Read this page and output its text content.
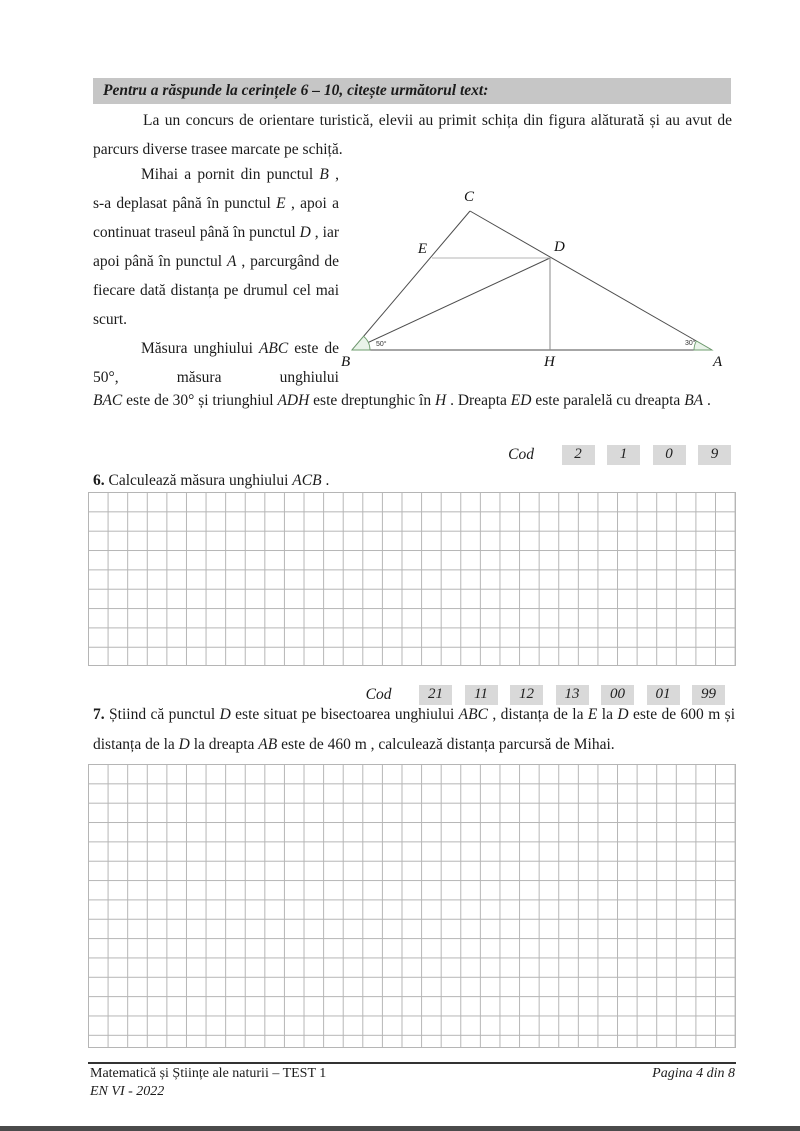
Pentru a răspunde la cerințele 6 – 10, citește următorul text:
La un concurs de orientare turistică, elevii au primit schița din figura alăturată și au avut de parcurs diverse trasee marcate pe schiță.

Mihai a pornit din punctul B , s-a deplasat până în punctul E , apoi a continuat traseul până în punctul D , iar apoi până în punctul A , parcurgând de fiecare dată distanța pe drumul cel mai scurt.

Măsura unghiului ABC este de 50°, măsura unghiului

50°	30°
B	A
C
E	D
H
BAC este de 30° și triunghiul ADH este dreptunghic în H . Dreapta ED este paralelă cu dreapta BA .
Cod	2	1	0	9
6. Calculează măsura unghiului ACB .
Cod	21 11 12 13 00 01 99
7. Știind că punctul D este situat pe bisectoarea unghiului ABC , distanța de la E la D este de 600 m și distanța de la D la dreapta AB este de 460 m , calculează distanța parcursă de Mihai.
Matematică și Științe ale naturii – TEST 1
EN VI - 2022
Pagina 4 din 8
